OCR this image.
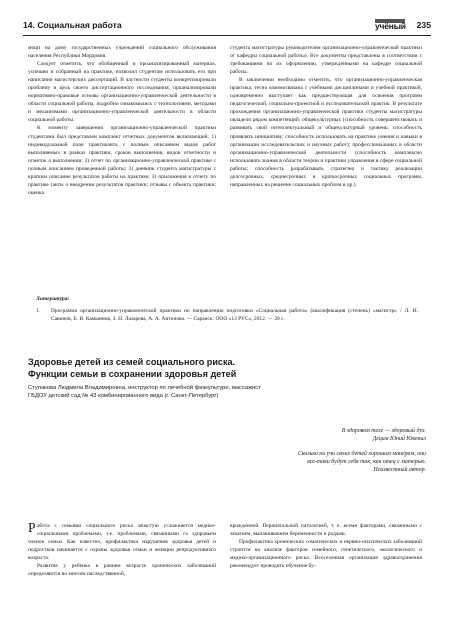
14. Социальная работа	учёный 235

моци на дому государственных учреждений социального обслуживания населения Республики Мордовия.

Следует отметить, что обобщенный и проанализированный материал, успешно и собранный на практике, позволил студентам использовать его при написании магистерских диссертаций. В частности студенты конкретизировали проблему и цель своего диссертационного исследования, проанализировали нормативно-правовые основы организационно-управленческой деятельности в области социальной работы, подробно ознакомились с технологиями, методами и механизмами организационно-управленческой деятельности в области социальной работы.

К моменту завершения организационно-управленческой практики студентами был представлен комплект отчетных документов включающий: 1) индивидуальный план практиканта с полным описанием видов работ выполняемых в рамках практики, сроков выполнения, видов отчетности и отметок о выполнении; 2) отчет по организационно-управленческой практике с полным описанием проведенной работы; 3) дневник студента магистратуры с кратким описание результатов работы на практике; 3) приложения к отчету по практике (акты о внедрении результатов практики; отзывы с объекта практики; оценка

студента магистратуры руководителем организационно-управленческой практики от кафедры социальной работы). Все документы представлены в соответствии с требованиями по их оформлению, утвержденными на кафедре социальной работы.

В заключении необходимо отметить, что организационно-управленческая практика, тесно взаимосвязана с учебными дисциплинами и учебной практикой, одновременно выступает как предшествующая для освоения программ педагогической, социально-проектной и исследовательской практик. В результате прохождения организационно-управленческой практики студенты магистратуры овладели рядом компетенций: общекультурных (способность совершенствовать и развивать свой интеллектуальный и общекультурный уровень; способность проявлять инициативу; способность использовать на практике умения и навыки в организации исследовательских и научных работ); профессиональных в области организационно-управленческой деятельности (способность комплексно использовать знания в области теории и практики управления в сфере социальной работы; способность разрабатывать стратегию и тактику реализации долгосрочных, среднесрочных и краткосрочных социальных программ, направленных на решение социальных проблем и др.).

Литература:
1. Программа организационно-управленческой практики по направлению подготовки «Социальная работа» (квалификация (степень) «магистр» / Л. И. Савинов, Е. В. Камынина, З. Н. Лазарева, А. А. Антонова. — Саранск: ООО «13 РУС», 2012. — 20 с.
Здоровье детей из семей социального риска.
Функции семьи в сохранении здоровья детей
Ступакова Людмила Владимировна, инструктор по лечебной физкультуре, массажист
ГБДОУ детский сад № 43 комбинированного вида (г. Санкт-Петербург)
В здоровом теле — здоровый дух.
Децим Юний Ювенал
Сколько ни учи своих детей хорошим манерам, они
все-таки будут себя так, как отец с матерью.
Неизвестный автор.

Работа с семьями социального риска зачастую усложняется медико-социальными проблемами, т.е. проблемами, связанными со здоровьем членов семьи. Как известно, профилактика нарушения здоровья детей и подростков начинается с охраны здоровья семьи и женщин репродуктивного возраста.

Развитие у ребенка в раннем возрасте хронических заболеваний определяются во многом наследственной,

врожденной. Перинатальной патологией, т. е. всеми факторами, связанными с зачатием, вынашиванием беременности и родами.

Профилактика хронических соматических и нервно-психических заболеваний строится на анализе факторов семейного, генетического, экологического и медико-организационного риска. Всесезонная организация здравоохранения рекомендует проводить обучение бу-
